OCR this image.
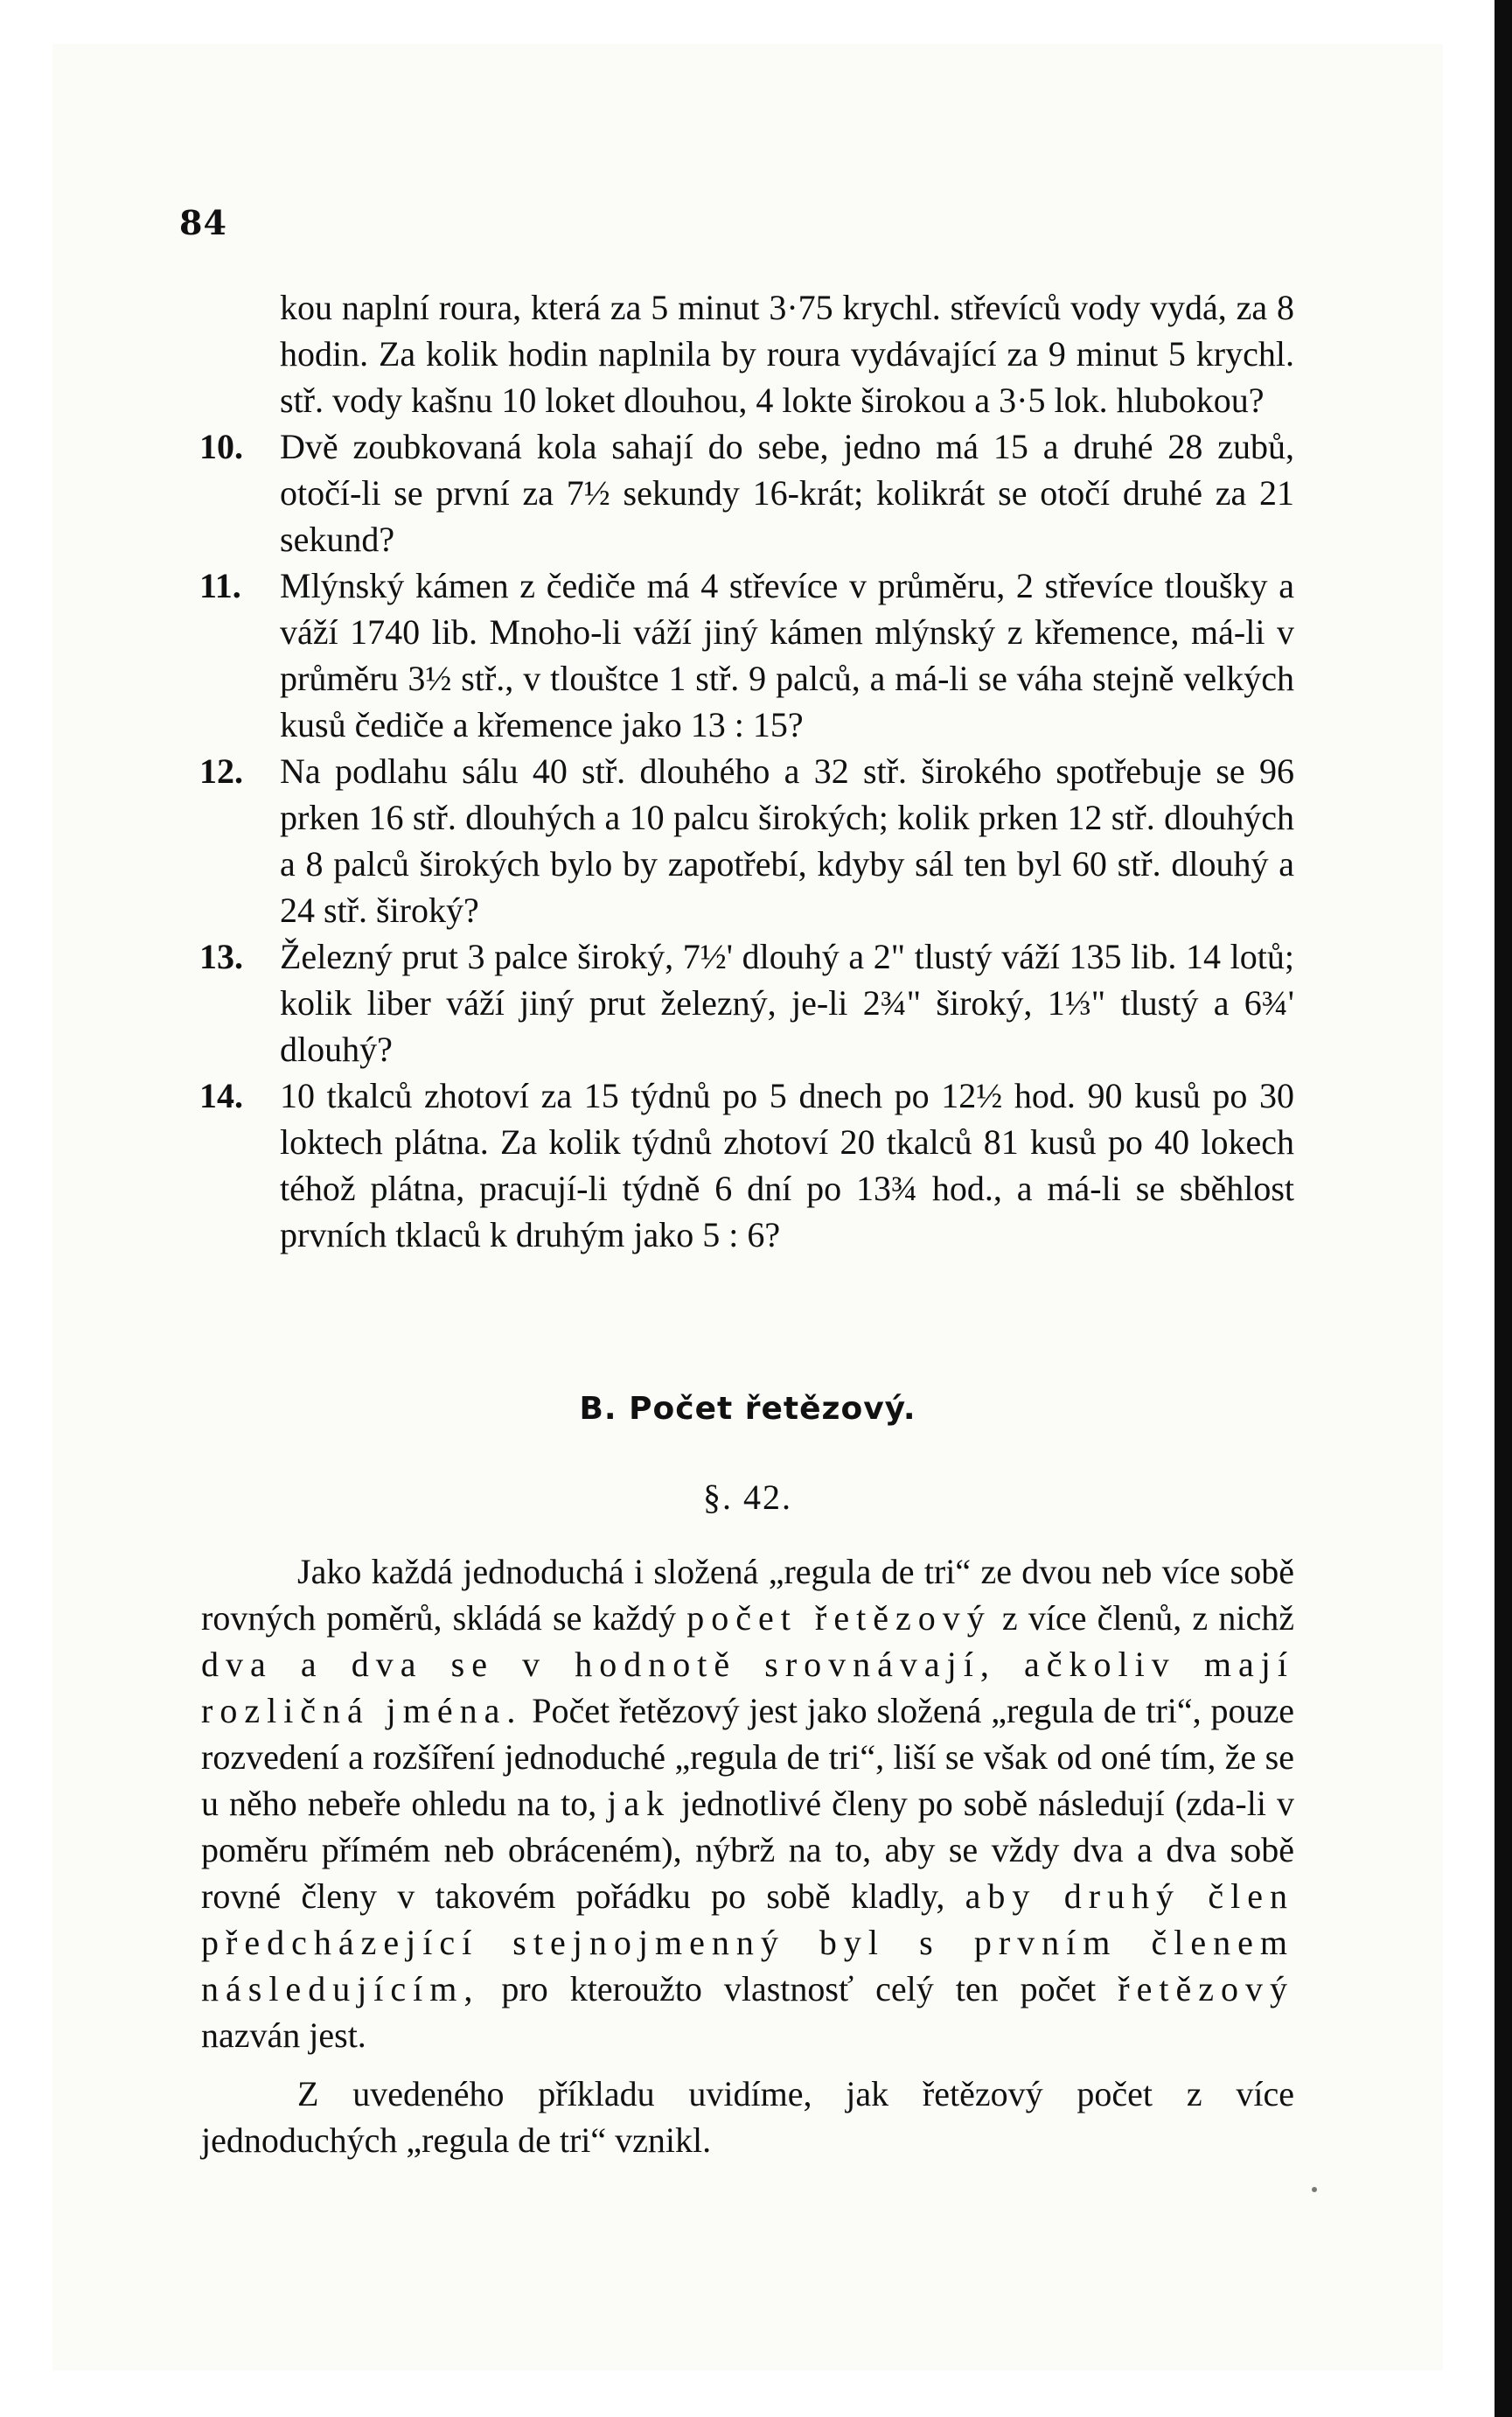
84
kou naplní roura, která za 5 minut 3·75 krychl. střevíců vody vydá, za 8 hodin. Za kolik hodin naplnila by roura vydávající za 9 minut 5 krychl. stř. vody kašnu 10 loket dlouhou, 4 lokte širokou a 3·5 lok. hlubokou?
10. Dvě zoubkovaná kola sahají do sebe, jedno má 15 a druhé 28 zubů, otočí-li se první za 7½ sekundy 16-krát; kolikrát se otočí druhé za 21 sekund?
11. Mlýnský kámen z čediče má 4 střevíce v průměru, 2 střevíce tloušky a váží 1740 lib. Mnoho-li váží jiný kámen mlýnský z křemence, má-li v průměru 3½ stř., v tlouštce 1 stř. 9 palců, a má-li se váha stejně velkých kusů čediče a křemence jako 13 : 15?
12. Na podlahu sálu 40 stř. dlouhého a 32 stř. širokého spotřebuje se 96 prken 16 stř. dlouhých a 10 palcu širokých; kolik prken 12 stř. dlouhých a 8 palců širokých bylo by zapotřebí, kdyby sál ten byl 60 stř. dlouhý a 24 stř. široký?
13. Železný prut 3 palce široký, 7½' dlouhý a 2" tlustý váží 135 lib. 14 lotů; kolik liber váží jiný prut železný, je-li 2¾" široký, 1⅓" tlustý a 6¾' dlouhý?
14. 10 tkalců zhotoví za 15 týdnů po 5 dnech po 12½ hod. 90 kusů po 30 loktech plátna. Za kolik týdnů zhotoví 20 tkalců 81 kusů po 40 lokech téhož plátna, pracují-li týdně 6 dní po 13¾ hod., a má-li se sběhlost prvních tklaců k druhým jako 5 : 6?
B. Počet řetězový.
§. 42.

Jako každá jednoduchá i složená „regula de tri“ ze dvou neb více sobě rovných poměrů, skládá se každý počet řetězový z více členů, z nichž dva a dva se v hodnotě srovnávají, ačkoliv mají rozličná jména. Počet řetězový jest jako složená „regula de tri“, pouze rozvedení a rozšíření jednoduché „regula de tri“, liší se však od oné tím, že se u něho nebeře ohledu na to, jak jednotlivé členy po sobě následují (zda-li v poměru přímém neb obráceném), nýbrž na to, aby se vždy dva a dva sobě rovné členy v takovém pořádku po sobě kladly, aby druhý člen předcházející stejnojmenný byl s prvním členem následujícím, pro kteroužto vlastnosť celý ten počet řetězový nazván jest.

Z uvedeného příkladu uvidíme, jak řetězový počet z více jednoduchých „regula de tri“ vznikl.
